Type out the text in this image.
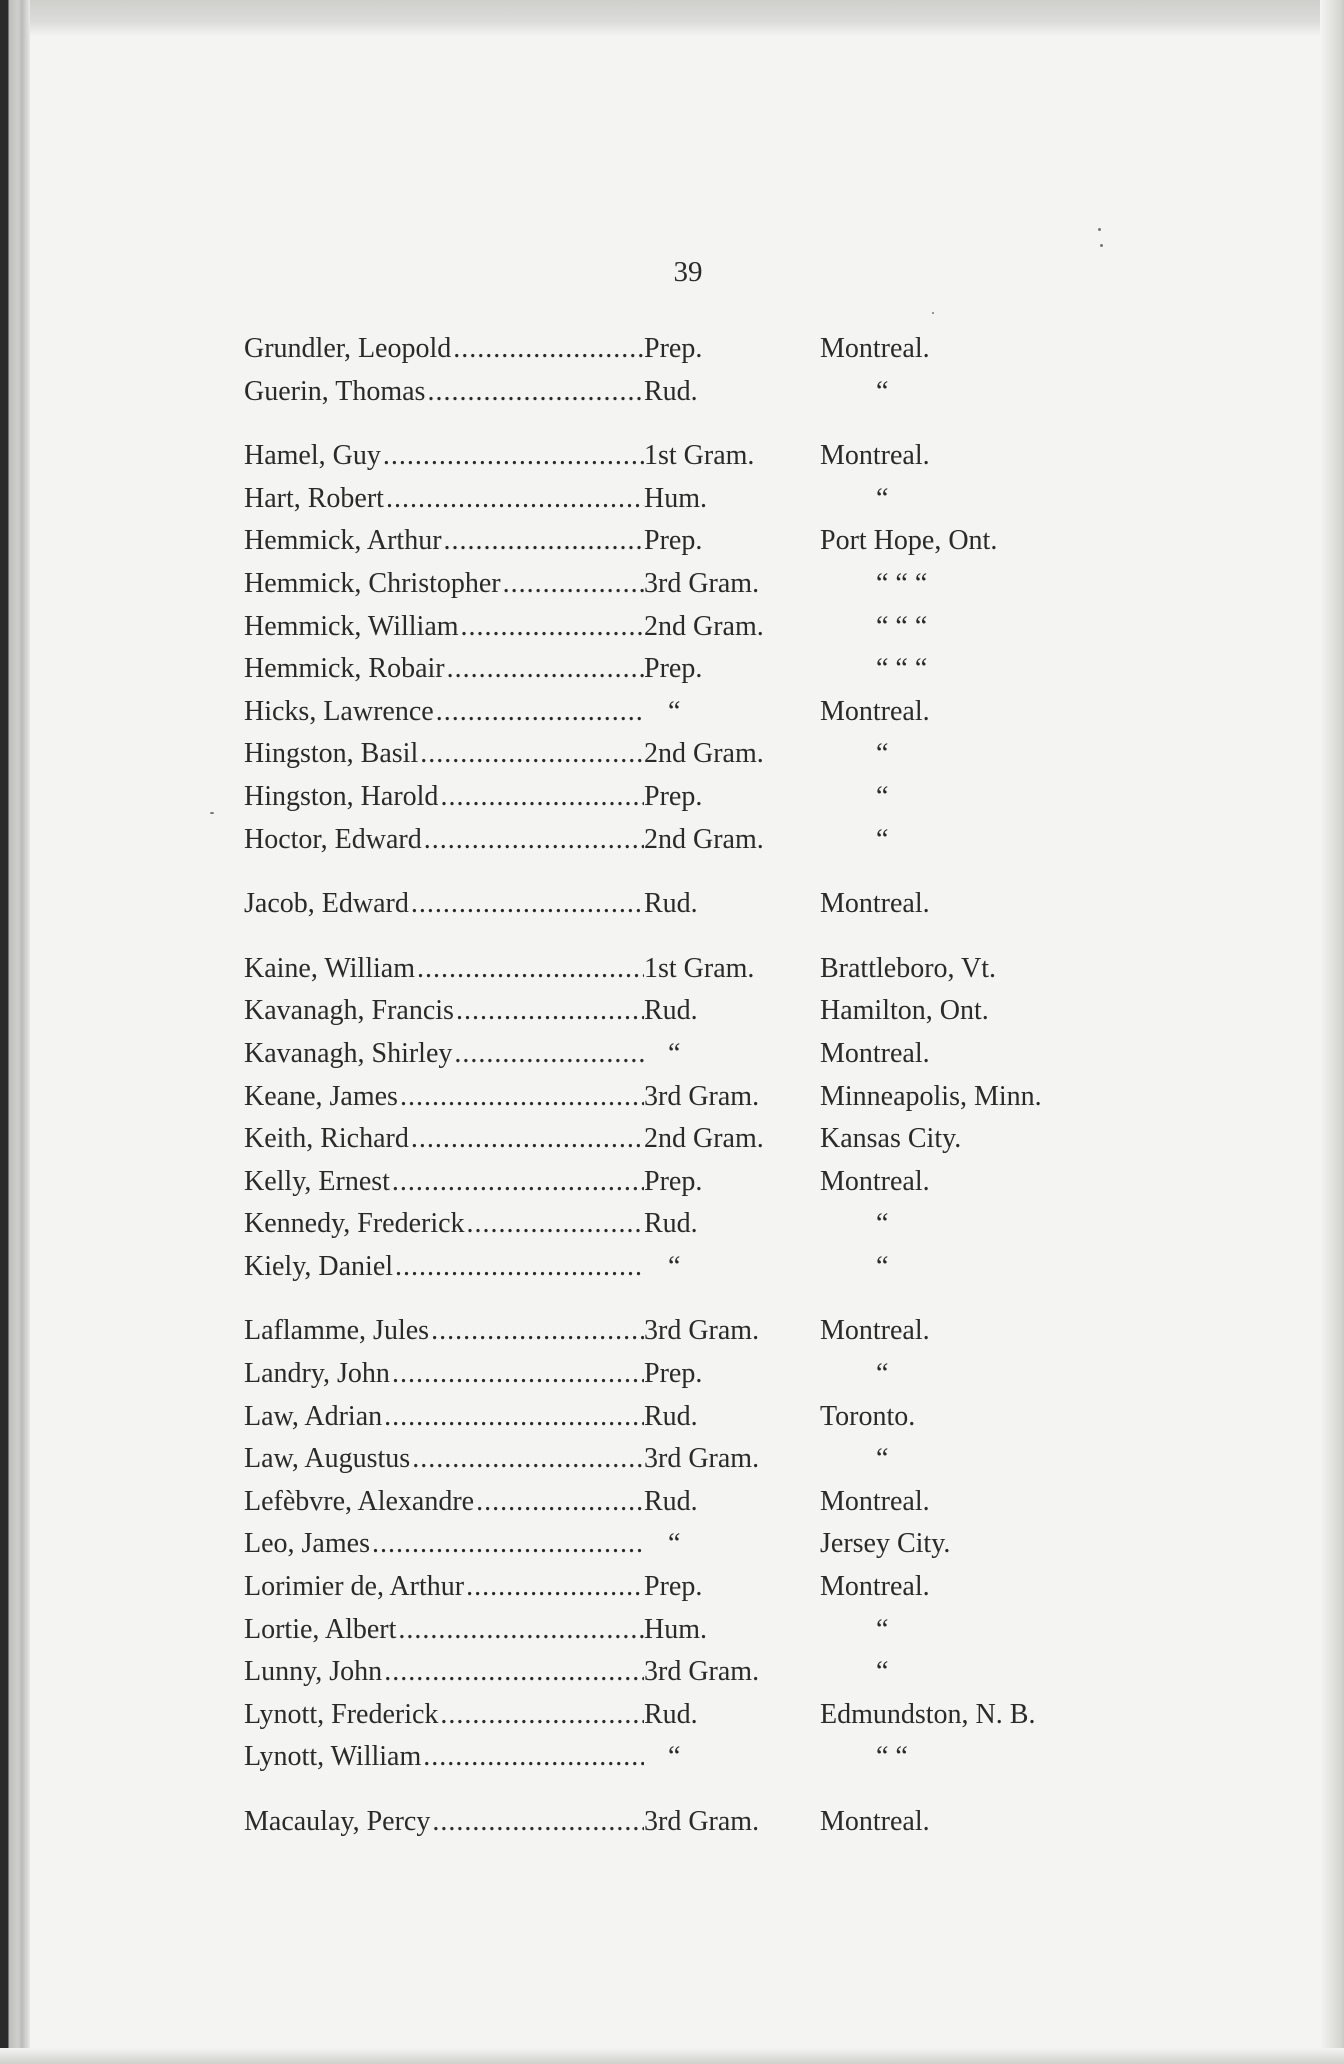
39
Grundler, Leopold .....	Prep.	Montreal.
Guerin, Thomas .....	Rud.	“
Hamel, Guy .....	1st Gram.	Montreal.
Hart, Robert .....	Hum.	“
Hemmick, Arthur .....	Prep.	Port Hope, Ont.
Hemmick, Christopher .....	3rd Gram.	“ “ “
Hemmick, William .....	2nd Gram.	“ “ “
Hemmick, Robair .....	Prep.	“ “ “
Hicks, Lawrence .....	“	Montreal.
Hingston, Basil .....	2nd Gram.	“
Hingston, Harold .....	Prep.	“
Hoctor, Edward .....	2nd Gram.	“
Jacob, Edward .....	Rud.	Montreal.
Kaine, William .....	1st Gram.	Brattleboro, Vt.
Kavanagh, Francis .....	Rud.	Hamilton, Ont.
Kavanagh, Shirley .....	“	Montreal.
Keane, James .....	3rd Gram.	Minneapolis, Minn.
Keith, Richard .....	2nd Gram.	Kansas City.
Kelly, Ernest .....	Prep.	Montreal.
Kennedy, Frederick .....	Rud.	“
Kiely, Daniel .....	“	“
Laflamme, Jules .....	3rd Gram.	Montreal.
Landry, John .....	Prep.	“
Law, Adrian .....	Rud.	Toronto.
Law, Augustus .....	3rd Gram.	“
Lefèbvre, Alexandre .....	Rud.	Montreal.
Leo, James .....	“	Jersey City.
Lorimier de, Arthur .....	Prep.	Montreal.
Lortie, Albert .....	Hum.	“
Lunny, John .....	3rd Gram.	“
Lynott, Frederick .....	Rud.	Edmundston, N. B.
Lynott, William .....	“	“ “
Macaulay, Percy .....	3rd Gram.	Montreal.
